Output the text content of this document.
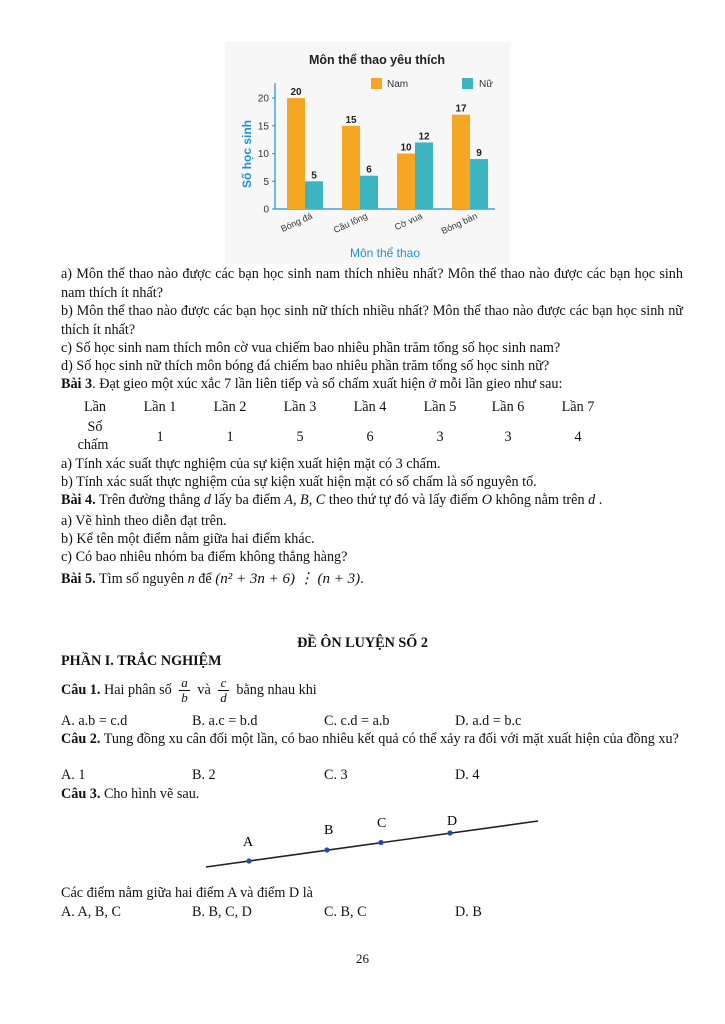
Môn thể thao yêu thích
Nam	Nữ
Số học sinh
Môn thể thao
0
5
10
15
20
20
5
Bóng đá
15
6
Cầu lông
10
12
Cờ vua
17
9
Bóng bàn
a) Môn thể thao nào được các bạn học sinh nam thích nhiều nhất? Môn thể thao nào được các bạn học sinh nam thích ít nhất?
b) Môn thể thao nào được các bạn học sinh nữ thích nhiều nhất? Môn thể thao nào được các bạn học sinh nữ thích ít nhất?
c) Số học sinh nam thích môn cờ vua chiếm bao nhiêu phần trăm tổng số học sinh nam?
d) Số học sinh nữ thích môn bóng đá chiếm bao nhiêu phần trăm tổng số học sinh nữ?
Bài 3. Đạt gieo một xúc xắc 7 lần liên tiếp và số chấm xuất hiện ở mỗi lần gieo như sau:
Lần	Lần 1	Lần 2	Lần 3	Lần 4	Lần 5	Lần 6	Lần 7
Số
chấm	1	1	5	6	3	3	4
a) Tính xác suất thực nghiệm của sự kiện xuất hiện mặt có 3 chấm.
b) Tính xác suất thực nghiệm của sự kiện xuất hiện mặt có số chấm là số nguyên tố.
Bài 4. Trên đường thẳng d lấy ba điểm A, B, C theo thứ tự đó và lấy điểm O không nằm trên d .
a) Vẽ hình theo diễn đạt trên.
b) Kể tên một điểm nằm giữa hai điểm khác.
c) Có bao nhiêu nhóm ba điểm không thẳng hàng?
Bài 5. Tìm số nguyên n để (n² + 3n + 6) ⋮ (n + 3).
ĐỀ ÔN LUYỆN SỐ 2
PHẦN I. TRẮC NGHIỆM
Câu 1. Hai phân số $\frac{a}{b}$ và $\frac{c}{d}$ bằng nhau khi
A. a.b = c.d	B. a.c = b.d	C. c.d = a.b	D. a.d = b.c
Câu 2. Tung đồng xu cân đối một lần, có bao nhiêu kết quả có thể xảy ra đối với mặt xuất hiện của đồng xu?
A. 1	B. 2	C. 3	D. 4
Câu 3. Cho hình vẽ sau.
A
B	C	D
Các điểm nằm giữa hai điểm A và điểm D là
A. A, B, C	B. B, C, D	C. B, C	D. B
26
